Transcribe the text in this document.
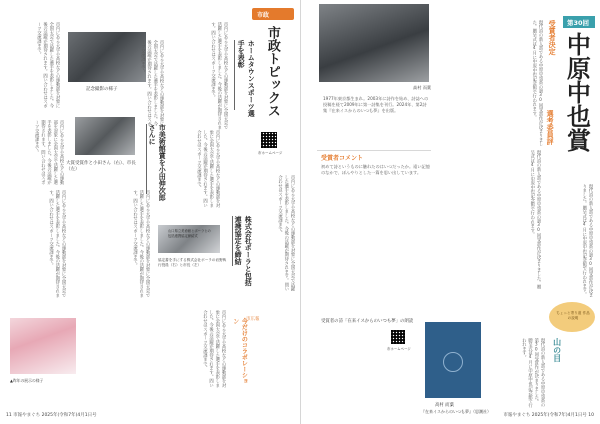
記念撮影の様子
市内にある大学や高校などの運動部を対象に全国大会で活躍した選手を表彰しました。今後の活躍が期待されます。問い合わせはスポーツ交流課まで。
市内にある大学や高校などの運動部を対象に全国大会で活躍した選手を表彰しました。今後の活躍が期待されます。問い合わせはスポーツ交流課まで。	ホームタウンスポーツ選手を表彰
大賞受賞作と小田さん（右）、市長（左）
市内にある大学や高校などの運動部を対象に全国大会で活躍した選手を表彰しました。今後の活躍が期待されます。問い合わせはスポーツ交流課まで。
市内にある大学や高校などの運動部を対象に全国大会で活躍した選手を表彰しました。今後の活躍が期待されます。問い合わせはスポーツ交流課まで。
市政
市政トピックス
市ホームページ
市美術館賞を小田伸次郎さんに	市内にある大学や高校などの運動部を対象に全国大会で活躍した選手を表彰しました。今後の活躍が期待されます。問い合わせはスポーツ交流課まで。
株式会社ポーラと包括連携協定を締結
山口県立美術館とポーラとの包括連携協定締結式
協定書を手にする株式会社ポーラの岩野執行役員（右）と市長（左）	市内にある大学や高校などの運動部を対象に全国大会で活躍した選手を表彰しました。今後の活躍が期待されます。問い合わせはスポーツ交流課まで。
市内にある大学や高校などの運動部を対象に全国大会で活躍した選手を表彰しました。今後の活躍が期待されます。問い合わせはスポーツ交流課まで。	市内にある大学や高校などの運動部を対象に全国大会で活躍した選手を表彰しました。今後の活躍が期待されます。問い合わせはスポーツ交流課まで。
▲昨年の展示の様子	今だけのコラボレーション	市広報
市内にある大学や高校などの運動部を対象に全国大会で活躍した選手を表彰しました。今後の活躍が期待されます。問い合わせはスポーツ交流課まで。
11 市報やまぐち 2025年(令和7年)4月1日号
第30回
中原中也賞
受賞者決定
現代詩の新人賞である中原中也賞の第30回受賞作が決まりました。贈呈式は4月に中原中也記念館で行われます。
高村 而葉
1977年東京都生まれ。2003年に詩作を始め、詩誌への投稿を経て2009年に第一詩集を刊行。2024年、第2詩集『在来イスからのいつも夢』を出版。
受賞者コメント
初めて詩というものに触れたのはいつだったか。遠い記憶のなかで、ぼんやりとした一篇を思い出しています。
選考委員評
現代詩の新人賞である中原中也賞の第30回受賞作が決まりました。贈呈式は4月に中原中也記念館で行われます。	現代詩の新人賞である中原中也賞の第30回受賞作が決まりました。贈呈式は4月に中原中也記念館で行われます。
受賞者の詩「在来イスからのいつも夢」の朗読
市ホームページ
高村 而葉
『在来イスからのいつも夢』（思潮社）
ちょっと寄り道 作品の説明
山の目
現代詩の新人賞である中原中也賞の第30回受賞作が決まりました。贈呈式は4月に中原中也記念館で行われます。
市報やまぐち 2025年(令和7年)4月1日号 10
